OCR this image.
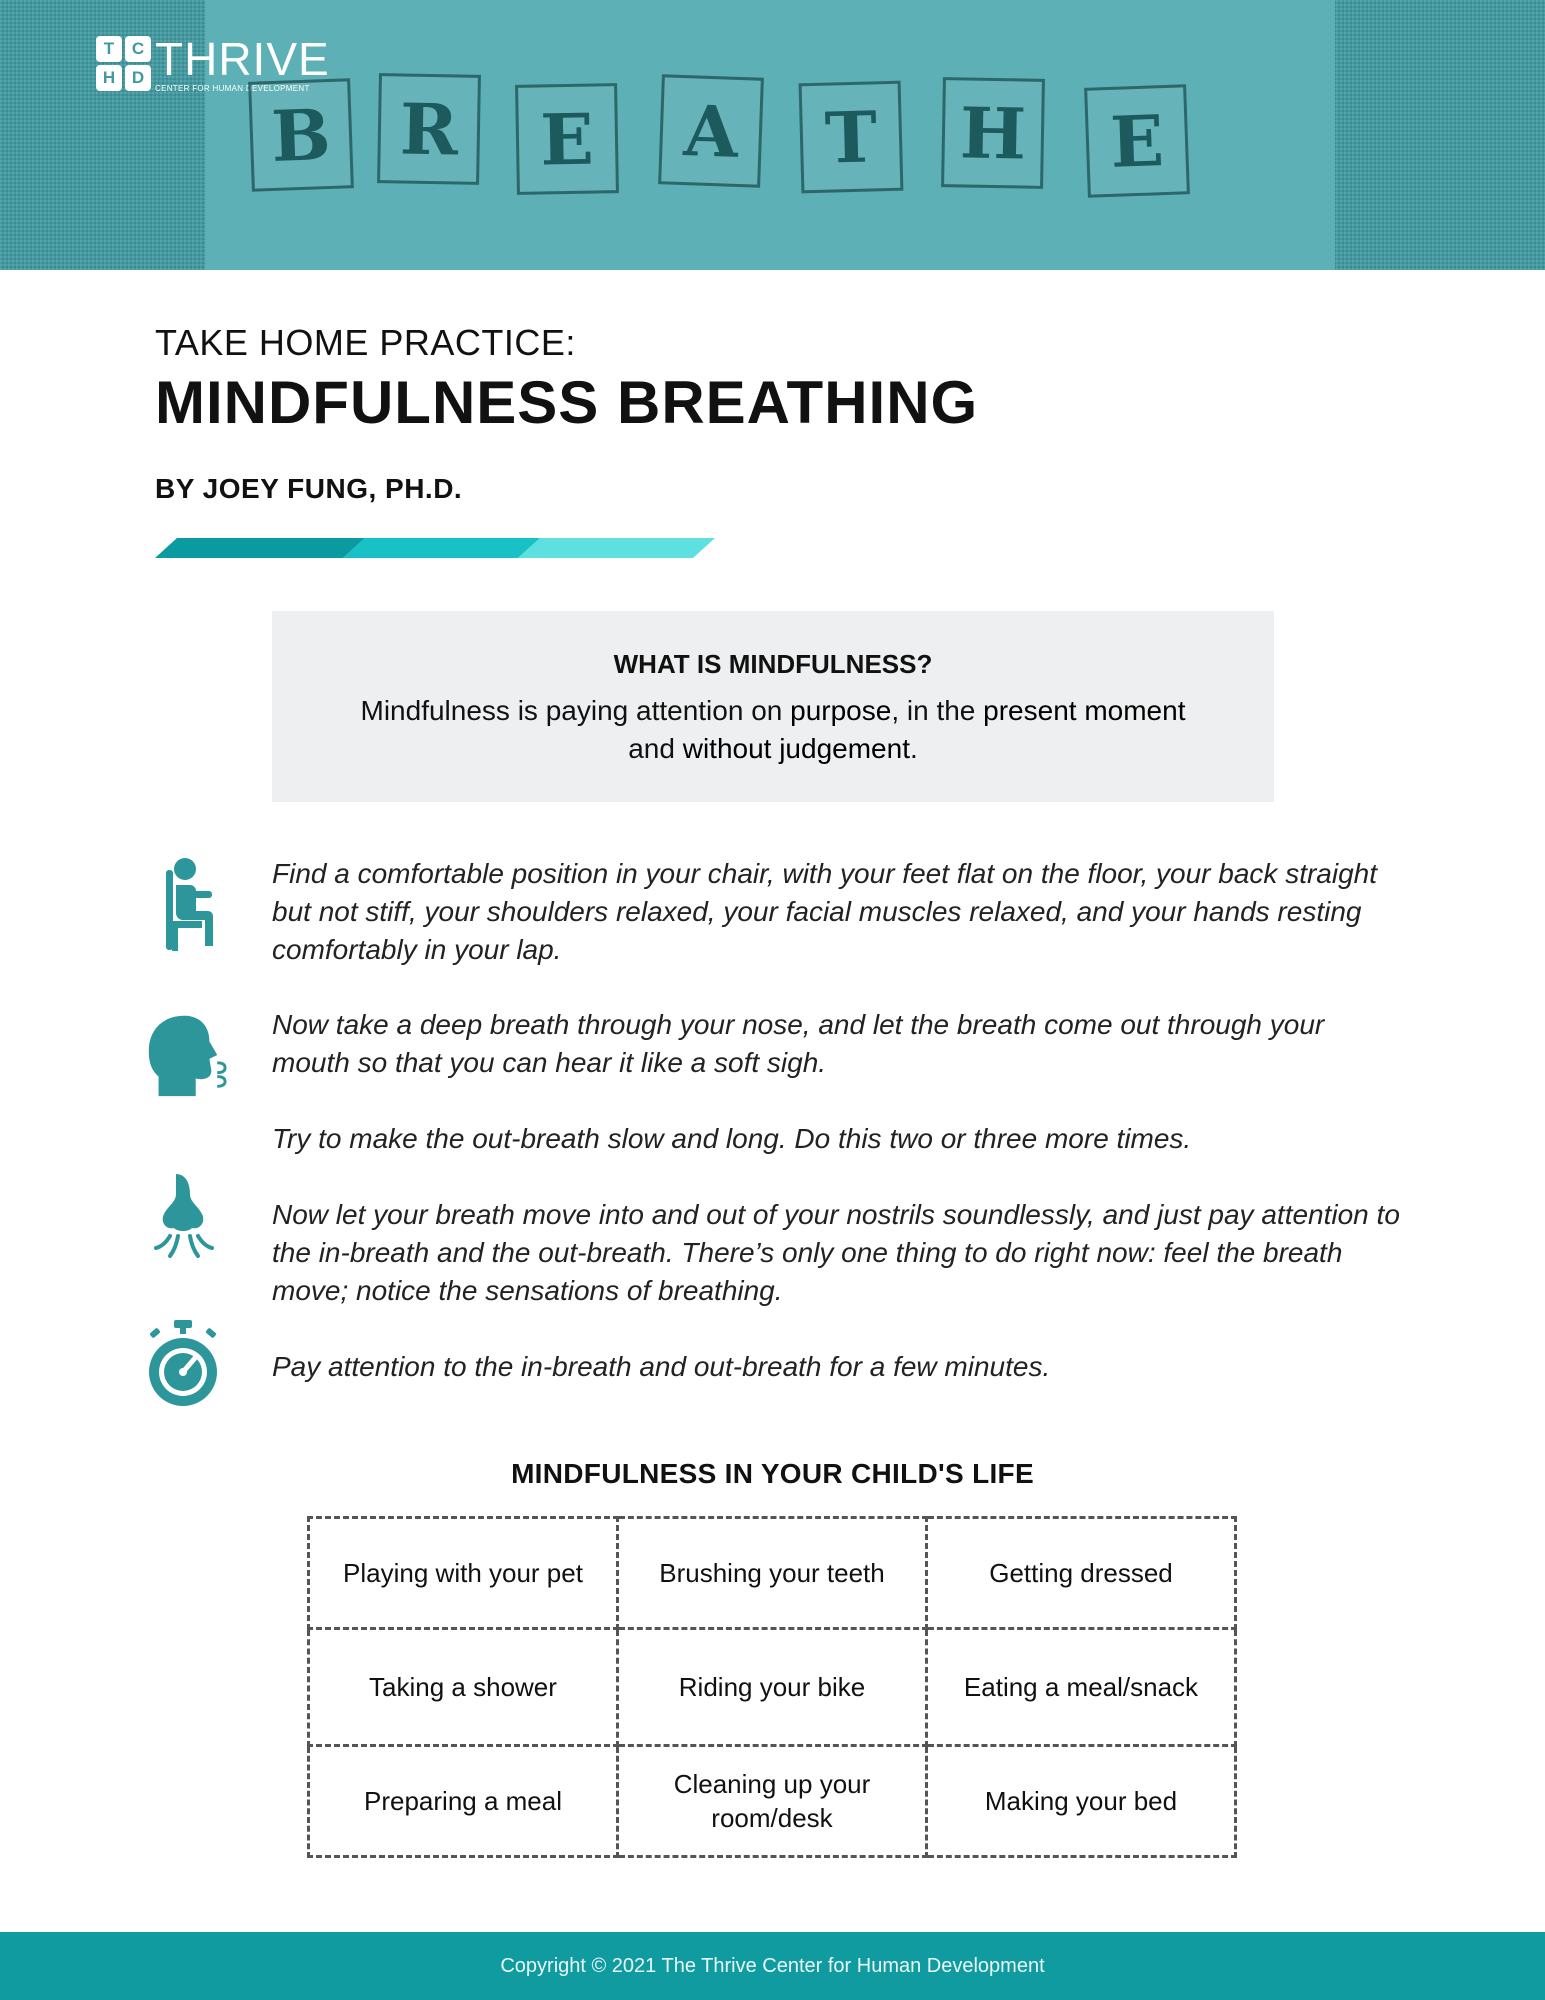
T	C
H D THRIVE
CENTER FOR HUMAN DEVELOPMENT
B R	E	A	T	H	E
TAKE HOME PRACTICE:
MINDFULNESS BREATHING
BY JOEY FUNG, PH.D.
WHAT IS MINDFULNESS?
Mindfulness is paying attention on purpose, in the present moment and without judgement.
Find a comfortable position in your chair, with your feet flat on the floor, your back straight but not stiff, your shoulders relaxed, your facial muscles relaxed, and your hands resting comfortably in your lap.
Now take a deep breath through your nose, and let the breath come out through your mouth so that you can hear it like a soft sigh.
Try to make the out-breath slow and long. Do this two or three more times.
Now let your breath move into and out of your nostrils soundlessly, and just pay attention to the in-breath and the out-breath. There’s only one thing to do right now: feel the breath move; notice the sensations of breathing.
Pay attention to the in-breath and out-breath for a few minutes.
MINDFULNESS IN YOUR CHILD'S LIFE
Playing with your pet	Brushing your teeth	Getting dressed
Taking a shower	Riding your bike	Eating a meal/snack
Preparing a meal	Cleaning up your room/desk	Making your bed
Copyright © 2021 The Thrive Center for Human Development
